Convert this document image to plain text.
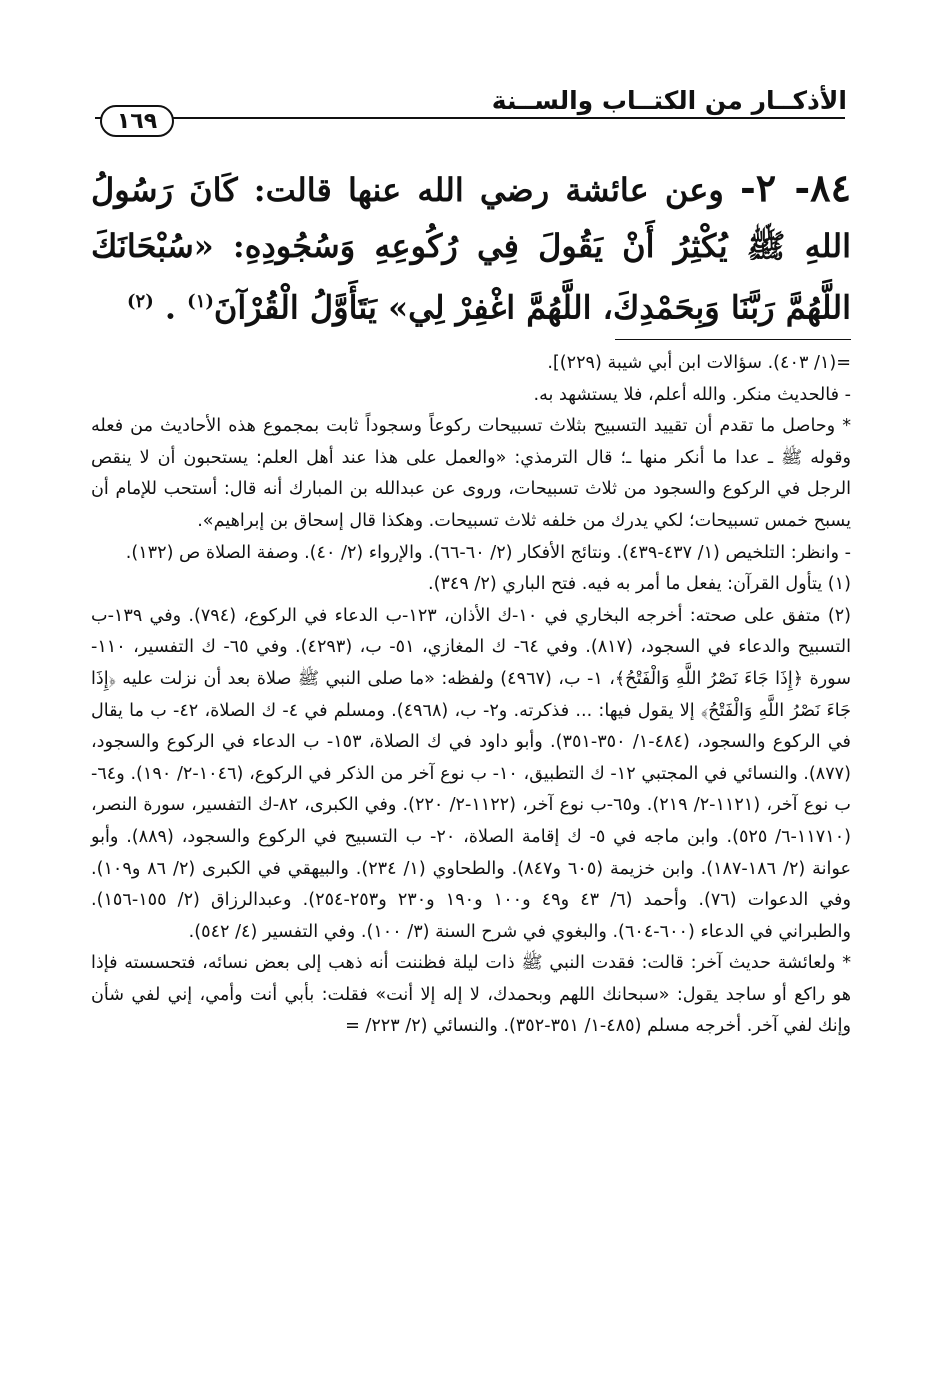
الأذكــار من الكتــاب والســنة
١٦٩
٨٤- ٢- وعن عائشة رضي الله عنها قالت: كَانَ رَسُولُ اللهِ ﷺ يُكْثِرُ أَنْ يَقُولَ فِي رُكُوعِهِ وَسُجُودِهِ: «سُبْحَانَكَ اللَّهُمَّ رَبَّنَا وَبِحَمْدِكَ، اللَّهُمَّ اغْفِرْ لِي» يَتَأَوَّلُ الْقُرْآنَ$^{(١)}$ . $^{(٢)}$

=(١/ ٤٠٣). سؤالات ابن أبي شيبة (٢٢٩)].

- فالحديث منكر. والله أعلم، فلا يستشهد به.

* وحاصل ما تقدم أن تقييد التسبيح بثلاث تسبيحات ركوعاً وسجوداً ثابت بمجموع هذه الأحاديث من فعله وقوله ﷺ ـ عدا ما أنكر منها ـ؛ قال الترمذي: «والعمل على هذا عند أهل العلم: يستحبون أن لا ينقص الرجل في الركوع والسجود من ثلاث تسبيحات، وروى عن عبدالله بن المبارك أنه قال: أستحب للإمام أن يسبح خمس تسبيحات؛ لكي يدرك من خلفه ثلاث تسبيحات. وهكذا قال إسحاق بن إبراهيم».

- وانظر: التلخيص (١/ ٤٣٧-٤٣٩). ونتائج الأفكار (٢/ ٦٠-٦٦). والإرواء (٢/ ٤٠). وصفة الصلاة ص (١٣٢).

(١) يتأول القرآن: يفعل ما أمر به فيه. فتح الباري (٢/ ٣٤٩).

(٢) متفق على صحته: أخرجه البخاري في ١٠-ك الأذان، ١٢٣-ب الدعاء في الركوع، (٧٩٤). وفي ١٣٩-ب التسبيح والدعاء في السجود، (٨١٧). وفي ٦٤- ك المغازي، ٥١- ب، (٤٢٩٣). وفي ٦٥- ك التفسير، ١١٠- سورة ﴿إِذَا جَاءَ نَصْرُ اللَّهِ وَالْفَتْحُ﴾، ١- ب، (٤٩٦٧) ولفظه: «ما صلى النبي ﷺ صلاة بعد أن نزلت عليه ﴿إِذَا جَاءَ نَصْرُ اللَّهِ وَالْفَتْحُ﴾ إلا يقول فيها: ... فذكرته. و٢- ب، (٤٩٦٨). ومسلم في ٤- ك الصلاة، ٤٢- ب ما يقال في الركوع والسجود، (٤٨٤-١/ ٣٥٠-٣٥١). وأبو داود في ك الصلاة، ١٥٣- ب الدعاء في الركوع والسجود، (٨٧٧). والنسائي في المجتبي ١٢- ك التطبيق، ١٠- ب نوع آخر من الذكر في الركوع، (١٠٤٦-٢/ ١٩٠). و٦٤- ب نوع آخر، (١١٢١-٢/ ٢١٩). و٦٥-ب نوع آخر، (١١٢٢-٢/ ٢٢٠). وفي الكبرى، ٨٢-ك التفسير، سورة النصر، (١١٧١٠-٦/ ٥٢٥). وابن ماجه في ٥- ك إقامة الصلاة، ٢٠- ب التسبيح في الركوع والسجود، (٨٨٩). وأبو عوانة (٢/ ١٨٦-١٨٧). وابن خزيمة (٦٠٥ و٨٤٧). والطحاوي (١/ ٢٣٤). والبيهقي في الكبرى (٢/ ٨٦ و١٠٩). وفي الدعوات (٧٦). وأحمد (٦/ ٤٣ و٤٩ و١٠٠ و١٩٠ و٢٣٠ و٢٥٣-٢٥٤). وعبدالرزاق (٢/ ١٥٥-١٥٦). والطبراني في الدعاء (٦٠٠-٦٠٤). والبغوي في شرح السنة (٣/ ١٠٠). وفي التفسير (٤/ ٥٤٢).

* ولعائشة حديث آخر: قالت: فقدت النبي ﷺ ذات ليلة فظننت أنه ذهب إلى بعض نسائه، فتحسسته فإذا هو راكع أو ساجد يقول: «سبحانك اللهم وبحمدك، لا إله إلا أنت» فقلت: بأبي أنت وأمي، إني لفي شأن وإنك لفي آخر. أخرجه مسلم (٤٨٥-١/ ٣٥١-٣٥٢). والنسائي (٢/ ٢٢٣/ =
